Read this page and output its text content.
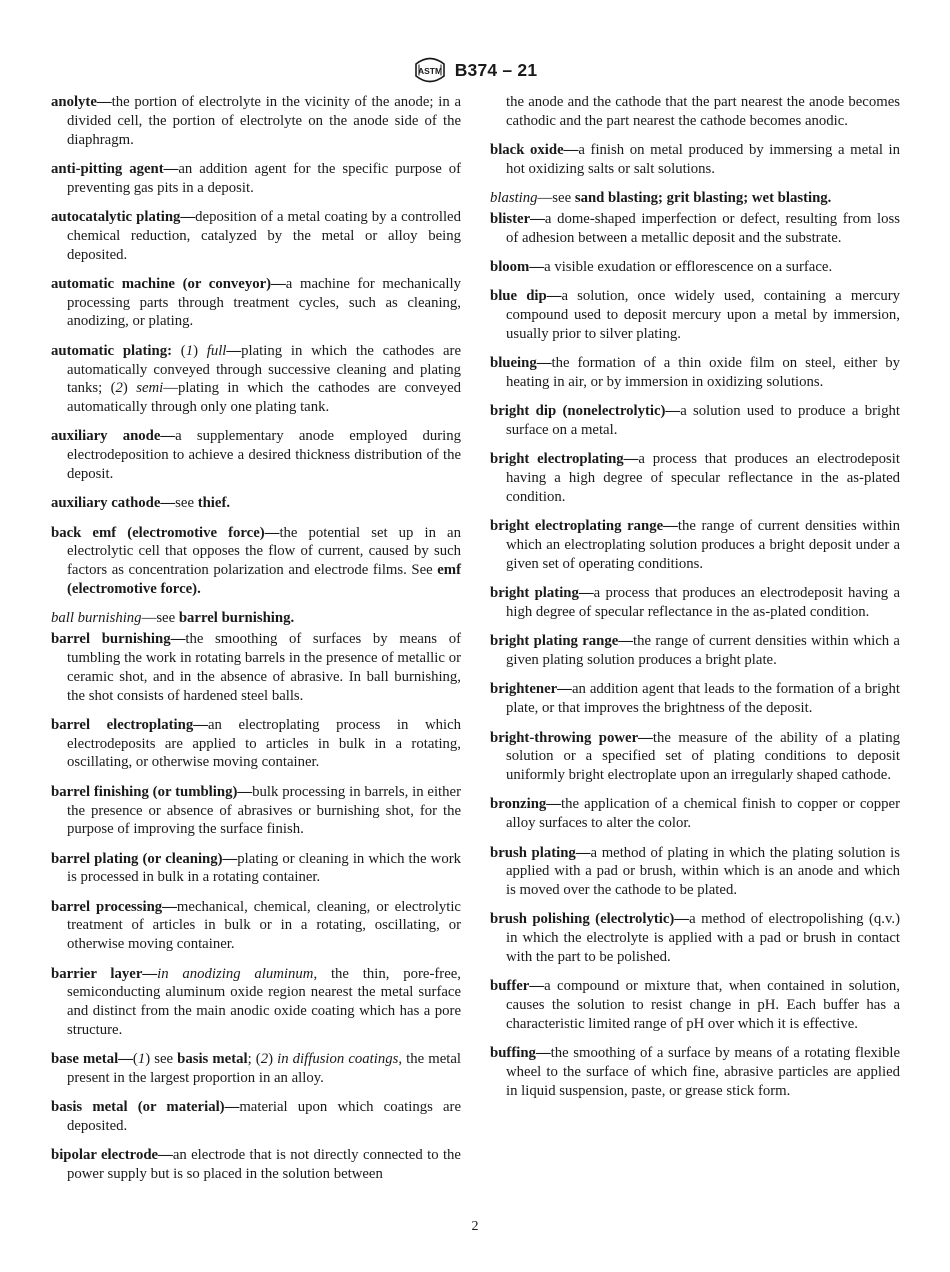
ASTM B374 – 21

anolyte—the portion of electrolyte in the vicinity of the anode; in a divided cell, the portion of electrolyte on the anode side of the diaphragm.

anti-pitting agent—an addition agent for the specific purpose of preventing gas pits in a deposit.

autocatalytic plating—deposition of a metal coating by a controlled chemical reduction, catalyzed by the metal or alloy being deposited.

automatic machine (or conveyor)—a machine for mechanically processing parts through treatment cycles, such as cleaning, anodizing, or plating.

automatic plating: (1) full—plating in which the cathodes are automatically conveyed through successive cleaning and plating tanks; (2) semi—plating in which the cathodes are conveyed automatically through only one plating tank.

auxiliary anode—a supplementary anode employed during electrodeposition to achieve a desired thickness distribution of the deposit.

auxiliary cathode—see thief.

back emf (electromotive force)—the potential set up in an electrolytic cell that opposes the flow of current, caused by such factors as concentration polarization and electrode films. See emf (electromotive force).

ball burnishing—see barrel burnishing.

barrel burnishing—the smoothing of surfaces by means of tumbling the work in rotating barrels in the presence of metallic or ceramic shot, and in the absence of abrasive. In ball burnishing, the shot consists of hardened steel balls.

barrel electroplating—an electroplating process in which electrodeposits are applied to articles in bulk in a rotating, oscillating, or otherwise moving container.

barrel finishing (or tumbling)—bulk processing in barrels, in either the presence or absence of abrasives or burnishing shot, for the purpose of improving the surface finish.

barrel plating (or cleaning)—plating or cleaning in which the work is processed in bulk in a rotating container.

barrel processing—mechanical, chemical, cleaning, or electrolytic treatment of articles in bulk or in a rotating, oscillating, or otherwise moving container.

barrier layer—in anodizing aluminum, the thin, pore-free, semiconducting aluminum oxide region nearest the metal surface and distinct from the main anodic oxide coating which has a pore structure.

base metal—(1) see basis metal; (2) in diffusion coatings, the metal present in the largest proportion in an alloy.

basis metal (or material)—material upon which coatings are deposited.

bipolar electrode—an electrode that is not directly connected to the power supply but is so placed in the solution between

the anode and the cathode that the part nearest the anode becomes cathodic and the part nearest the cathode becomes anodic.

black oxide—a finish on metal produced by immersing a metal in hot oxidizing salts or salt solutions.

blasting—see sand blasting; grit blasting; wet blasting.

blister—a dome-shaped imperfection or defect, resulting from loss of adhesion between a metallic deposit and the substrate.

bloom—a visible exudation or efflorescence on a surface.

blue dip—a solution, once widely used, containing a mercury compound used to deposit mercury upon a metal by immersion, usually prior to silver plating.

blueing—the formation of a thin oxide film on steel, either by heating in air, or by immersion in oxidizing solutions.

bright dip (nonelectrolytic)—a solution used to produce a bright surface on a metal.

bright electroplating—a process that produces an electrodeposit having a high degree of specular reflectance in the as-plated condition.

bright electroplating range—the range of current densities within which an electroplating solution produces a bright deposit under a given set of operating conditions.

bright plating—a process that produces an electrodeposit having a high degree of specular reflectance in the as-plated condition.

bright plating range—the range of current densities within which a given plating solution produces a bright plate.

brightener—an addition agent that leads to the formation of a bright plate, or that improves the brightness of the deposit.

bright-throwing power—the measure of the ability of a plating solution or a specified set of plating conditions to deposit uniformly bright electroplate upon an irregularly shaped cathode.

bronzing—the application of a chemical finish to copper or copper alloy surfaces to alter the color.

brush plating—a method of plating in which the plating solution is applied with a pad or brush, within which is an anode and which is moved over the cathode to be plated.

brush polishing (electrolytic)—a method of electropolishing (q.v.) in which the electrolyte is applied with a pad or brush in contact with the part to be polished.

buffer—a compound or mixture that, when contained in solution, causes the solution to resist change in pH. Each buffer has a characteristic limited range of pH over which it is effective.

buffing—the smoothing of a surface by means of a rotating flexible wheel to the surface of which fine, abrasive particles are applied in liquid suspension, paste, or grease stick form.

2
